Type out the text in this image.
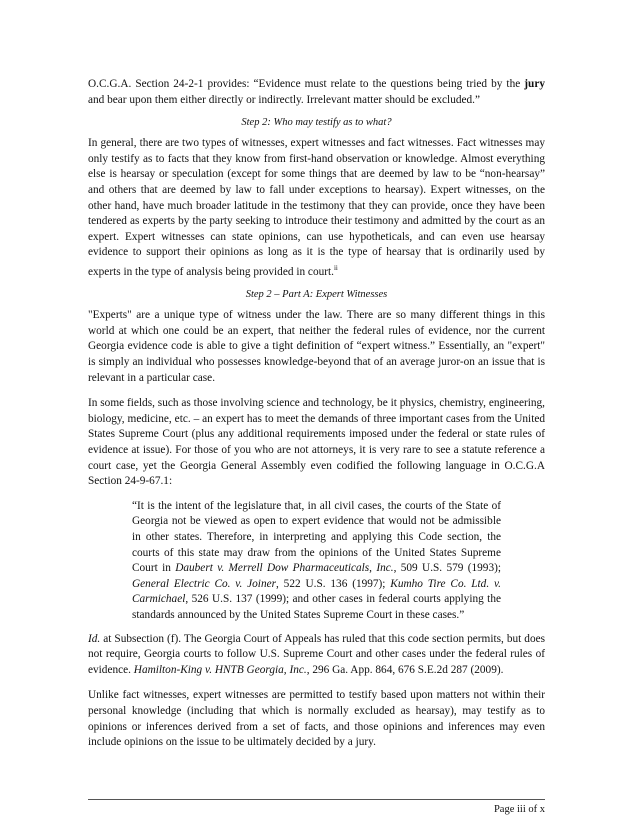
O.C.G.A. Section 24-2-1 provides: “Evidence must relate to the questions being tried by the jury and bear upon them either directly or indirectly. Irrelevant matter should be excluded.”

Step 2: Who may testify as to what?

In general, there are two types of witnesses, expert witnesses and fact witnesses. Fact witnesses may only testify as to facts that they know from first-hand observation or knowledge. Almost everything else is hearsay or speculation (except for some things that are deemed by law to be “non-hearsay” and others that are deemed by law to fall under exceptions to hearsay). Expert witnesses, on the other hand, have much broader latitude in the testimony that they can provide, once they have been tendered as experts by the party seeking to introduce their testimony and admitted by the court as an expert. Expert witnesses can state opinions, can use hypotheticals, and can even use hearsay evidence to support their opinions as long as it is the type of hearsay that is ordinarily used by experts in the type of analysis being provided in court.$^{ii}$

Step 2 – Part A: Expert Witnesses

"Experts" are a unique type of witness under the law. There are so many different things in this world at which one could be an expert, that neither the federal rules of evidence, nor the current Georgia evidence code is able to give a tight definition of “expert witness.” Essentially, an "expert" is simply an individual who possesses knowledge-beyond that of an average juror-on an issue that is relevant in a particular case.

In some fields, such as those involving science and technology, be it physics, chemistry, engineering, biology, medicine, etc. – an expert has to meet the demands of three important cases from the United States Supreme Court (plus any additional requirements imposed under the federal or state rules of evidence at issue). For those of you who are not attorneys, it is very rare to see a statute reference a court case, yet the Georgia General Assembly even codified the following language in O.C.G.A Section 24-9-67.1:

“It is the intent of the legislature that, in all civil cases, the courts of the State of Georgia not be viewed as open to expert evidence that would not be admissible in other states. Therefore, in interpreting and applying this Code section, the courts of this state may draw from the opinions of the United States Supreme Court in Daubert v. Merrell Dow Pharmaceuticals, Inc., 509 U.S. 579 (1993); General Electric Co. v. Joiner, 522 U.S. 136 (1997); Kumho Tire Co. Ltd. v. Carmichael, 526 U.S. 137 (1999); and other cases in federal courts applying the standards announced by the United States Supreme Court in these cases.”

Id. at Subsection (f). The Georgia Court of Appeals has ruled that this code section permits, but does not require, Georgia courts to follow U.S. Supreme Court and other cases under the federal rules of evidence. Hamilton-King v. HNTB Georgia, Inc., 296 Ga. App. 864, 676 S.E.2d 287 (2009).

Unlike fact witnesses, expert witnesses are permitted to testify based upon matters not within their personal knowledge (including that which is normally excluded as hearsay), may testify as to opinions or inferences derived from a set of facts, and those opinions and inferences may even include opinions on the issue to be ultimately decided by a jury.

Page iii of x
